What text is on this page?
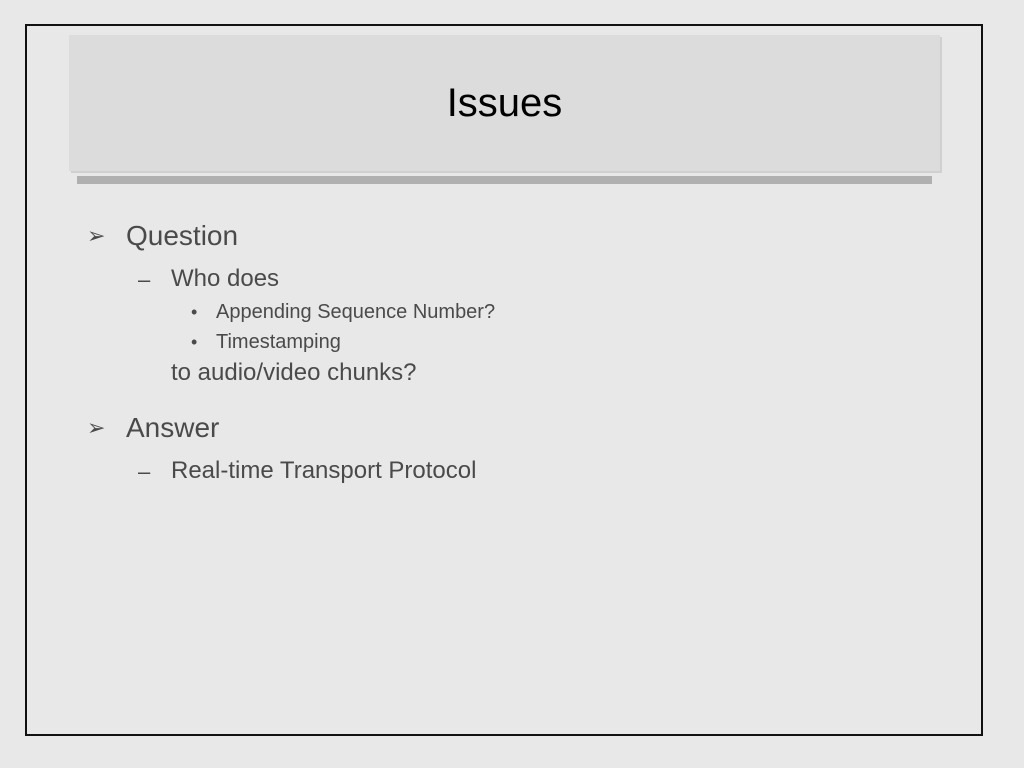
Issues
➢ Question
– Who does
• Appending Sequence Number?
• Timestamping
to audio/video chunks?
➢ Answer
– Real-time Transport Protocol
